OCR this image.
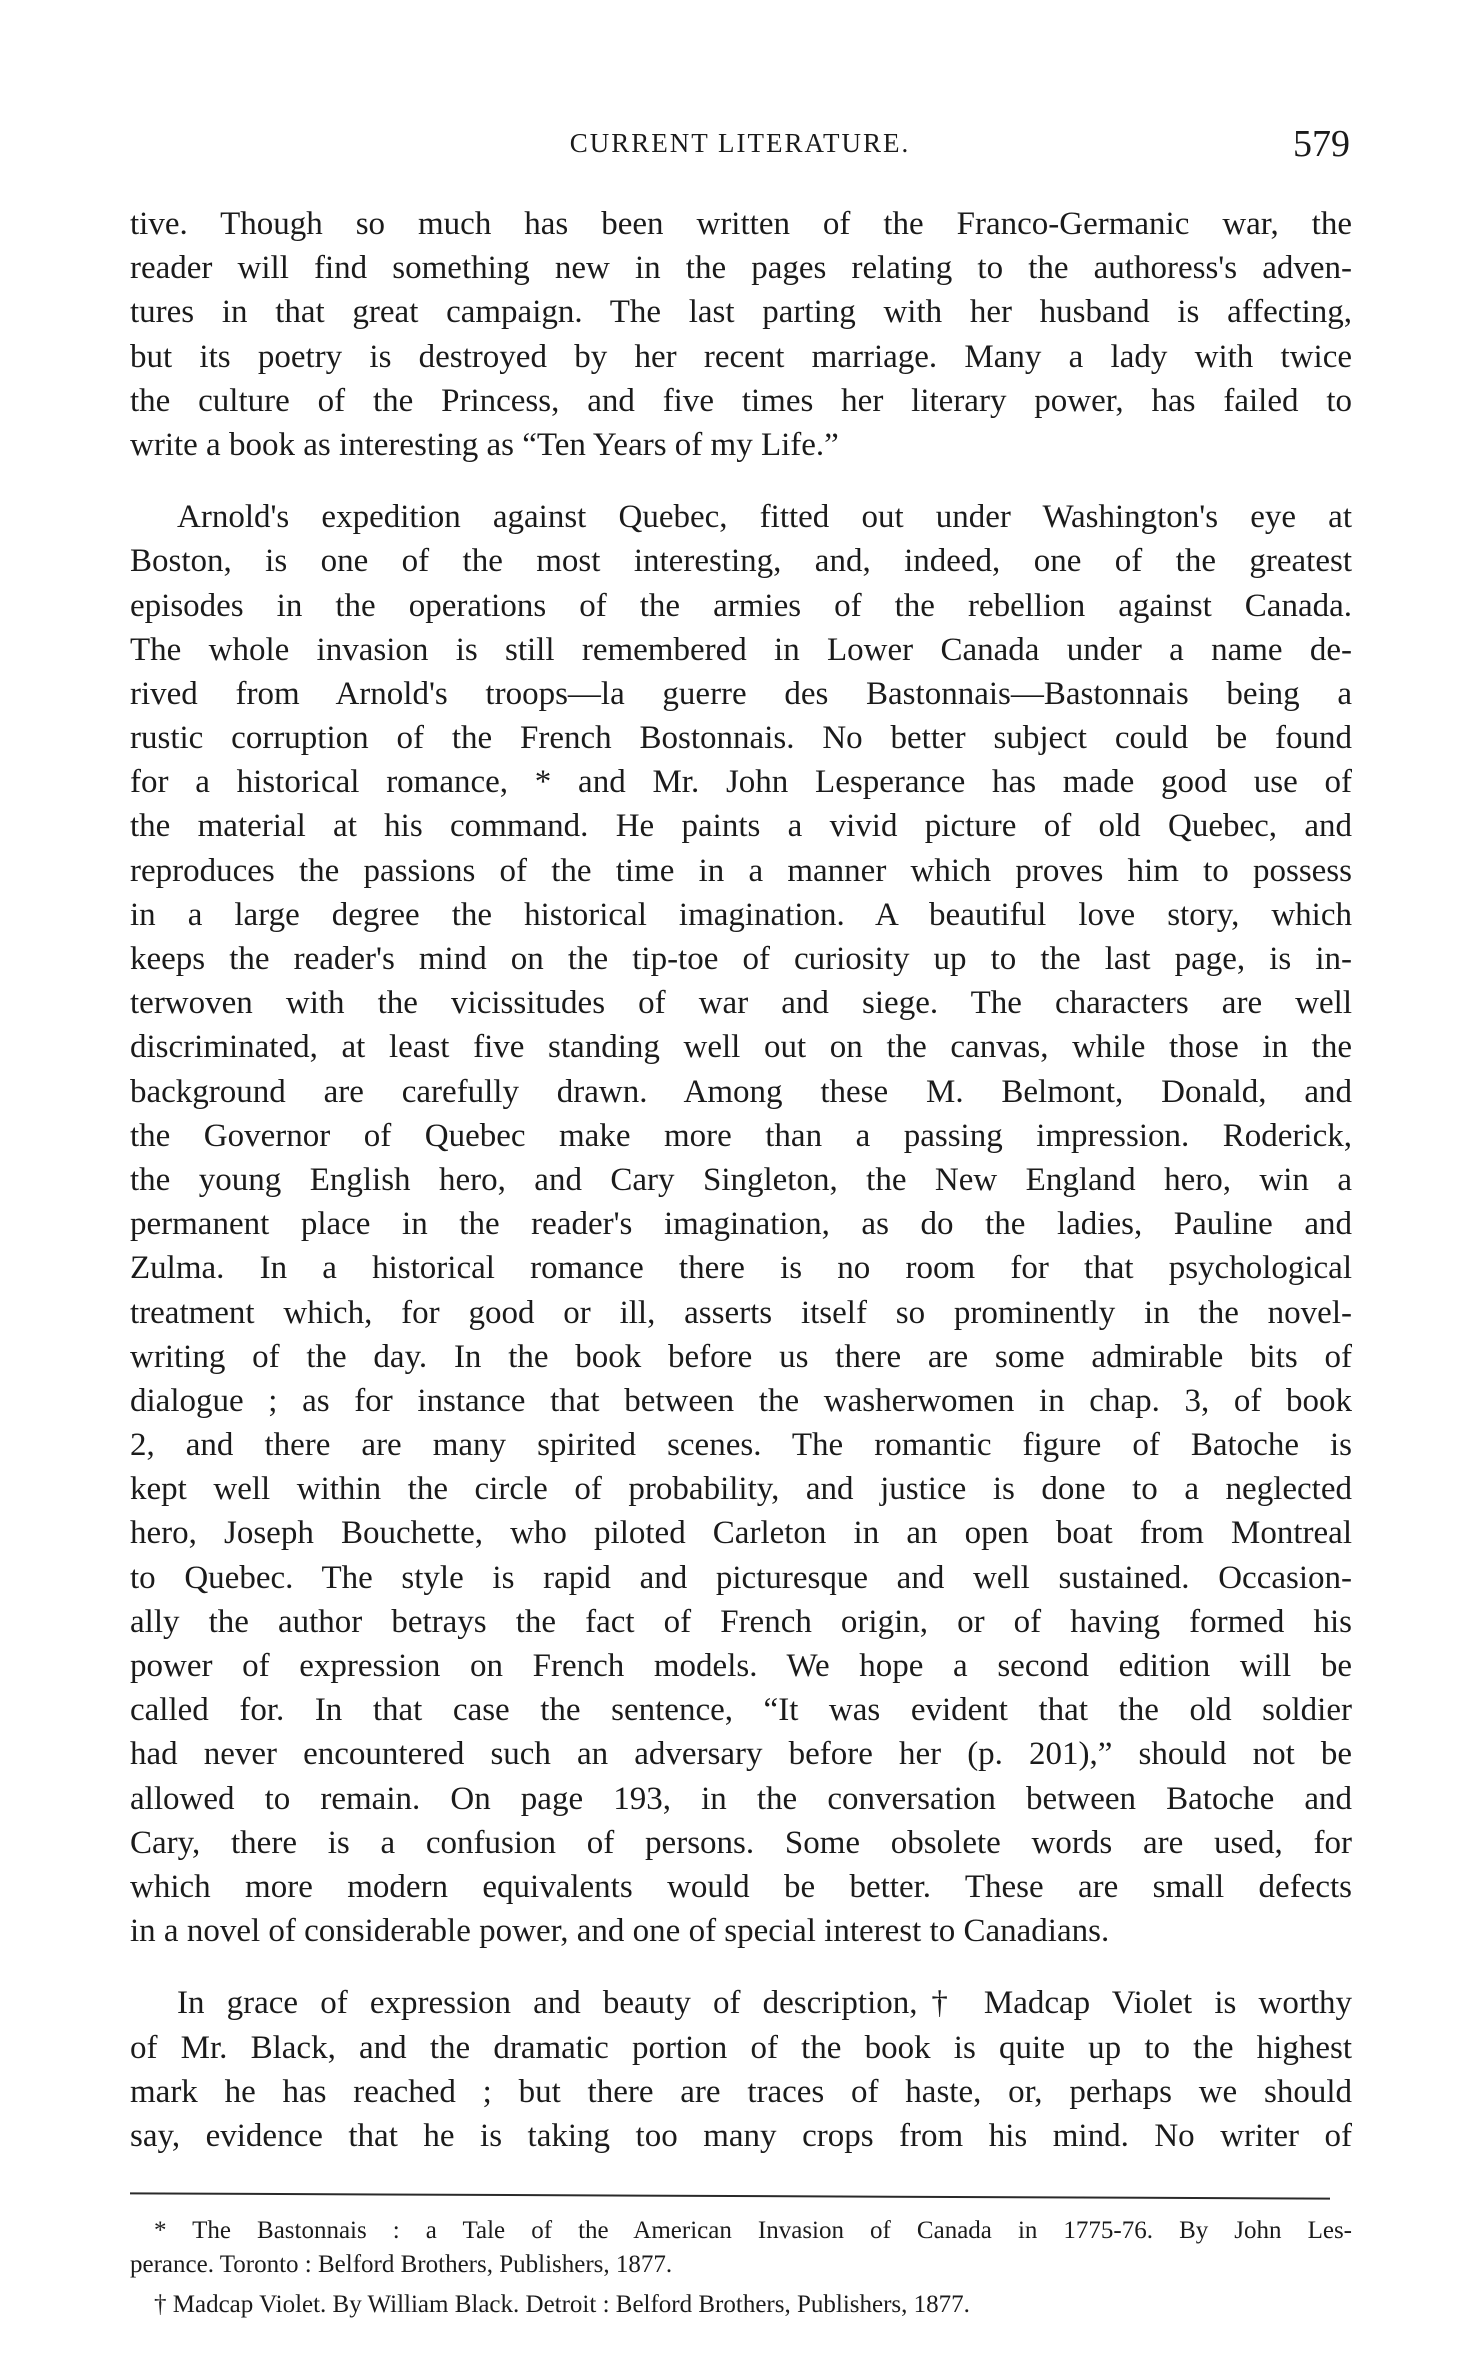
CURRENT LITERATURE.	579
tive. Though so much has been written of the Franco-Germanic war, the
reader will find something new in the pages relating to the authoress's adven-
tures in that great campaign. The last parting with her husband is affecting,
but its poetry is destroyed by her recent marriage. Many a lady with twice
the culture of the Princess, and five times her literary power, has failed to
write a book as interesting as “Ten Years of my Life.”
Arnold's expedition against Quebec, fitted out under Washington's eye at
Boston, is one of the most interesting, and, indeed, one of the greatest
episodes in the operations of the armies of the rebellion against Canada.
The whole invasion is still remembered in Lower Canada under a name de-
rived from Arnold's troops—la guerre des Bastonnais—Bastonnais being a
rustic corruption of the French Bostonnais. No better subject could be found
for a historical romance, * and Mr. John Lesperance has made good use of
the material at his command. He paints a vivid picture of old Quebec, and
reproduces the passions of the time in a manner which proves him to possess
in a large degree the historical imagination. A beautiful love story, which
keeps the reader's mind on the tip-toe of curiosity up to the last page, is in-
terwoven with the vicissitudes of war and siege. The characters are well
discriminated, at least five standing well out on the canvas, while those in the
background are carefully drawn. Among these M. Belmont, Donald, and
the Governor of Quebec make more than a passing impression. Roderick,
the young English hero, and Cary Singleton, the New England hero, win a
permanent place in the reader's imagination, as do the ladies, Pauline and
Zulma. In a historical romance there is no room for that psychological
treatment which, for good or ill, asserts itself so prominently in the novel-
writing of the day. In the book before us there are some admirable bits of
dialogue ; as for instance that between the washerwomen in chap. 3, of book
2, and there are many spirited scenes. The romantic figure of Batoche is
kept well within the circle of probability, and justice is done to a neglected
hero, Joseph Bouchette, who piloted Carleton in an open boat from Montreal
to Quebec. The style is rapid and picturesque and well sustained. Occasion-
ally the author betrays the fact of French origin, or of having formed his
power of expression on French models. We hope a second edition will be
called for. In that case the sentence, “It was evident that the old soldier
had never encountered such an adversary before her (p. 201),” should not be
allowed to remain. On page 193, in the conversation between Batoche and
Cary, there is a confusion of persons. Some obsolete words are used, for
which more modern equivalents would be better. These are small defects
in a novel of considerable power, and one of special interest to Canadians.
In grace of expression and beauty of description,† Madcap Violet is worthy
of Mr. Black, and the dramatic portion of the book is quite up to the highest
mark he has reached ; but there are traces of haste, or, perhaps we should
say, evidence that he is taking too many crops from his mind. No writer of
* The Bastonnais : a Tale of the American Invasion of Canada in 1775-76. By John Les-
perance. Toronto : Belford Brothers, Publishers, 1877.
† Madcap Violet. By William Black. Detroit : Belford Brothers, Publishers, 1877.
